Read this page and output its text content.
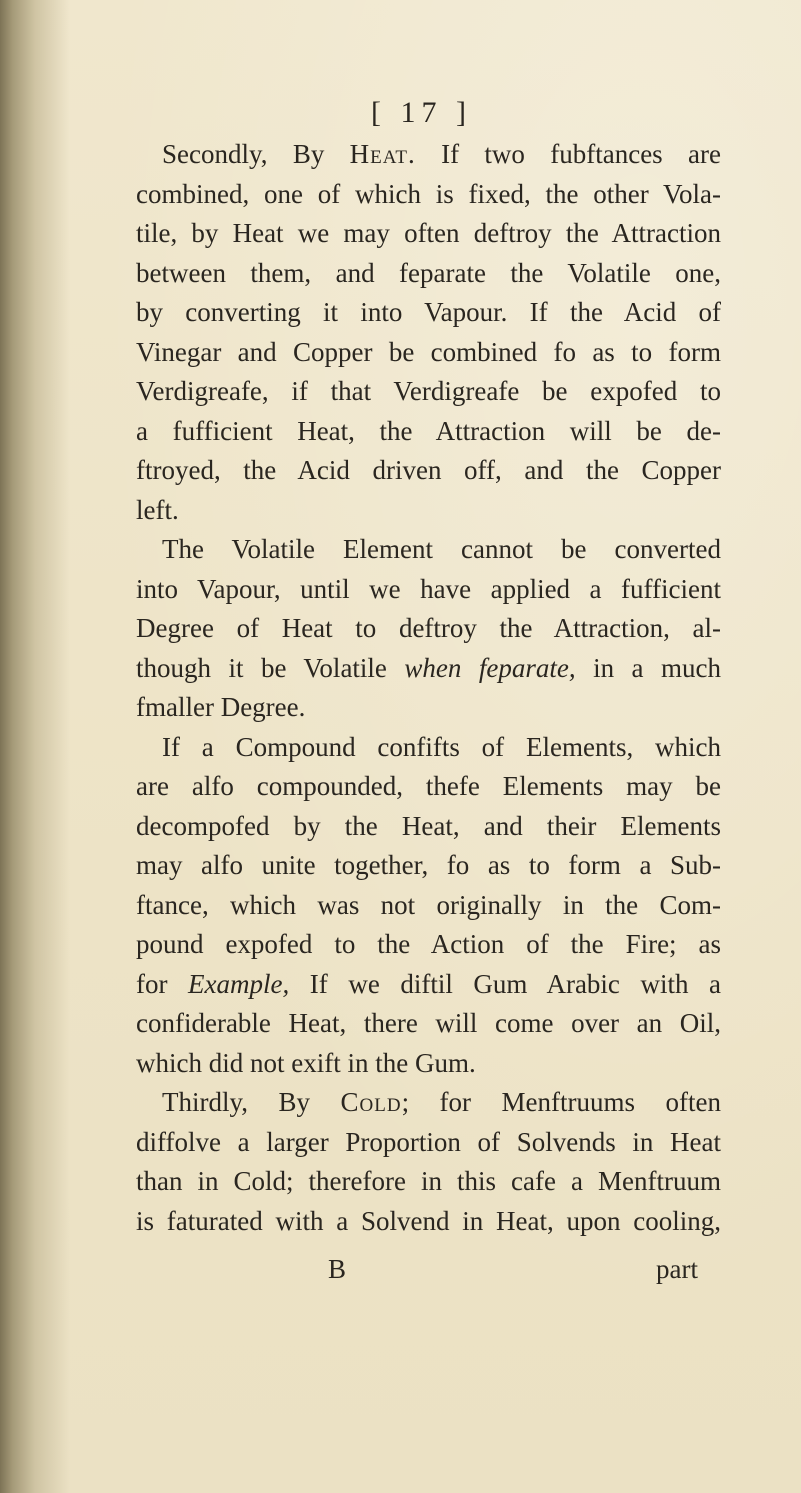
[ 17 ]
Secondly, By Heat. If two fubftances are
combined, one of which is fixed, the other Vola-
tile, by Heat we may often deftroy the Attraction
between them, and feparate the Volatile one,
by converting it into Vapour. If the Acid of
Vinegar and Copper be combined fo as to form
Verdigreafe, if that Verdigreafe be expofed to
a fufficient Heat, the Attraction will be de-
ftroyed, the Acid driven off, and the Copper
left.
The Volatile Element cannot be converted
into Vapour, until we have applied a fufficient
Degree of Heat to deftroy the Attraction, al-
though it be Volatile when feparate, in a much
fmaller Degree.
If a Compound confifts of Elements, which
are alfo compounded, thefe Elements may be
decompofed by the Heat, and their Elements
may alfo unite together, fo as to form a Sub-
ftance, which was not originally in the Com-
pound expofed to the Action of the Fire; as
for Example, If we diftil Gum Arabic with a
confiderable Heat, there will come over an Oil,
which did not exift in the Gum.
Thirdly, By Cold; for Menftruums often
diffolve a larger Proportion of Solvends in Heat
than in Cold; therefore in this cafe a Menftruum
is faturated with a Solvend in Heat, upon cooling,
B	part
